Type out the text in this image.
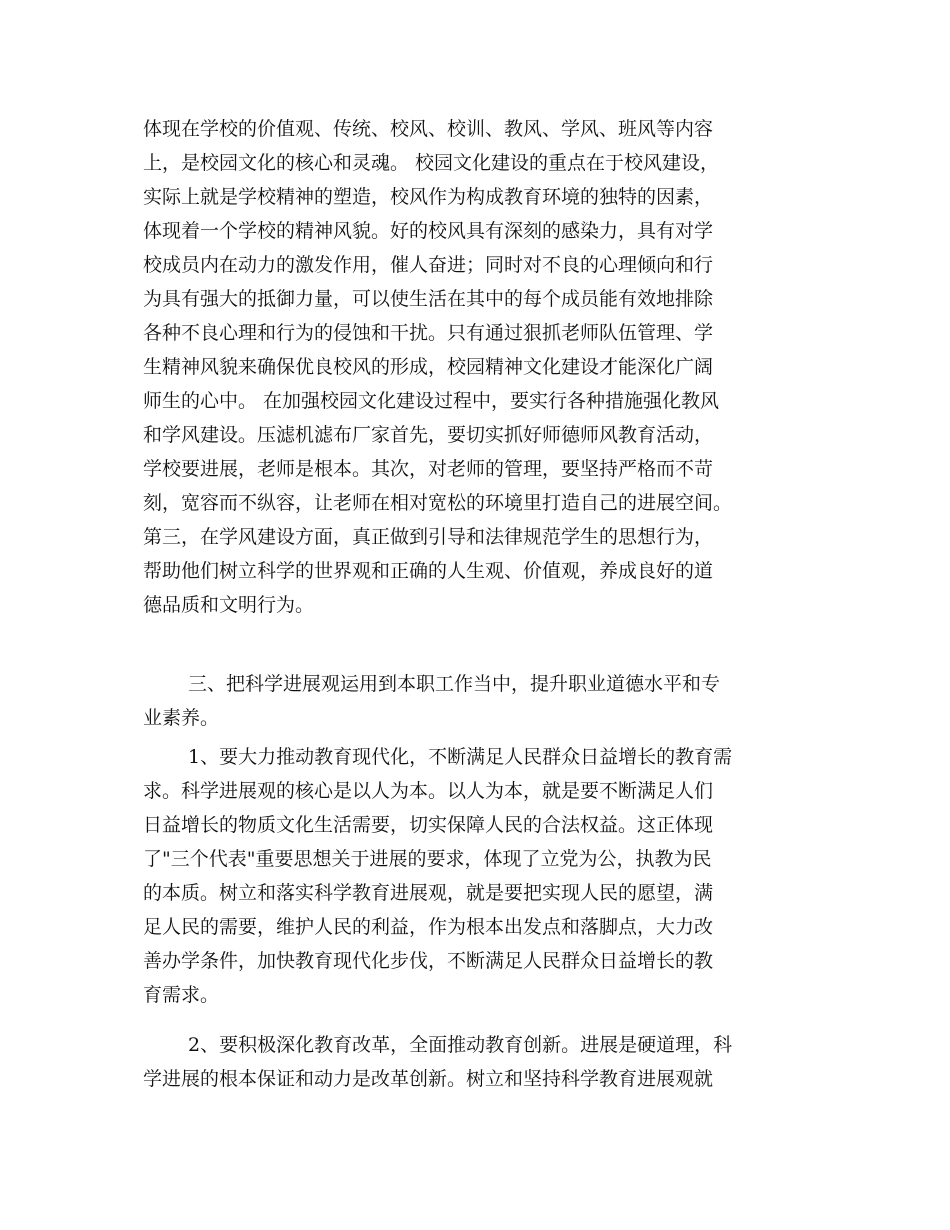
体现在学校的价值观、传统、校风、校训、教风、学风、班风等内容
上，是校园文化的核心和灵魂。 校园文化建设的重点在于校风建设，
实际上就是学校精神的塑造，校风作为构成教育环境的独特的因素，
体现着一个学校的精神风貌。好的校风具有深刻的感染力，具有对学
校成员内在动力的激发作用，催人奋进；同时对不良的心理倾向和行
为具有强大的抵御力量，可以使生活在其中的每个成员能有效地排除
各种不良心理和行为的侵蚀和干扰。只有通过狠抓老师队伍管理、学
生精神风貌来确保优良校风的形成，校园精神文化建设才能深化广阔
师生的心中。 在加强校园文化建设过程中，要实行各种措施强化教风
和学风建设。压滤机滤布厂家首先，要切实抓好师德师风教育活动，
学校要进展，老师是根本。其次，对老师的管理，要坚持严格而不苛
刻，宽容而不纵容，让老师在相对宽松的环境里打造自己的进展空间。
第三，在学风建设方面，真正做到引导和法律规范学生的思想行为，
帮助他们树立科学的世界观和正确的人生观、价值观，养成良好的道
德品质和文明行为。
三、把科学进展观运用到本职工作当中，提升职业道德水平和专
业素养。
1、要大力推动教育现代化，不断满足人民群众日益增长的教育需
求。科学进展观的核心是以人为本。以人为本，就是要不断满足人们
日益增长的物质文化生活需要，切实保障人民的合法权益。这正体现
了"三个代表"重要思想关于进展的要求，体现了立党为公，执教为民
的本质。树立和落实科学教育进展观，就是要把实现人民的愿望，满
足人民的需要，维护人民的利益，作为根本出发点和落脚点，大力改
善办学条件，加快教育现代化步伐，不断满足人民群众日益增长的教
育需求。
2、要积极深化教育改革，全面推动教育创新。进展是硬道理，科
学进展的根本保证和动力是改革创新。树立和坚持科学教育进展观就
